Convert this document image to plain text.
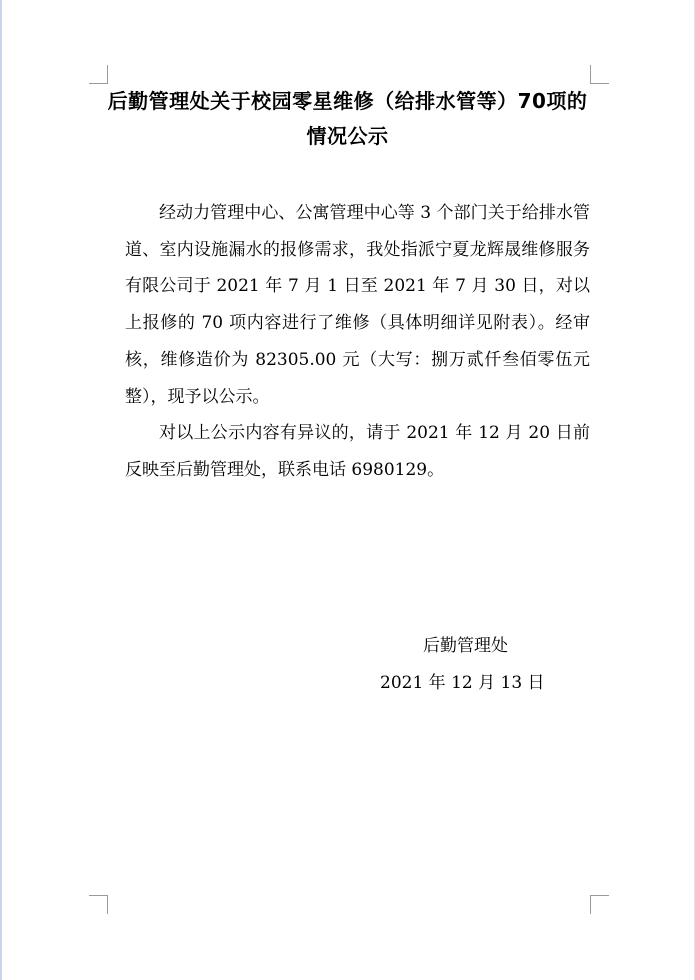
后勤管理处关于校园零星维修（给排水管等）70项的
情况公示

经动力管理中心、公寓管理中心等 3 个部门关于给排水管道、室内设施漏水的报修需求，我处指派宁夏龙辉晟维修服务有限公司于 2021 年 7 月 1 日至 2021 年 7 月 30 日，对以上报修的 70 项内容进行了维修（具体明细详见附表）。经审核，维修造价为 82305.00 元（大写：捌万贰仟叁佰零伍元整），现予以公示。

对以上公示内容有异议的，请于 2021 年 12 月 20 日前反映至后勤管理处，联系电话 6980129。

后勤管理处
2021 年 12 月 13 日
